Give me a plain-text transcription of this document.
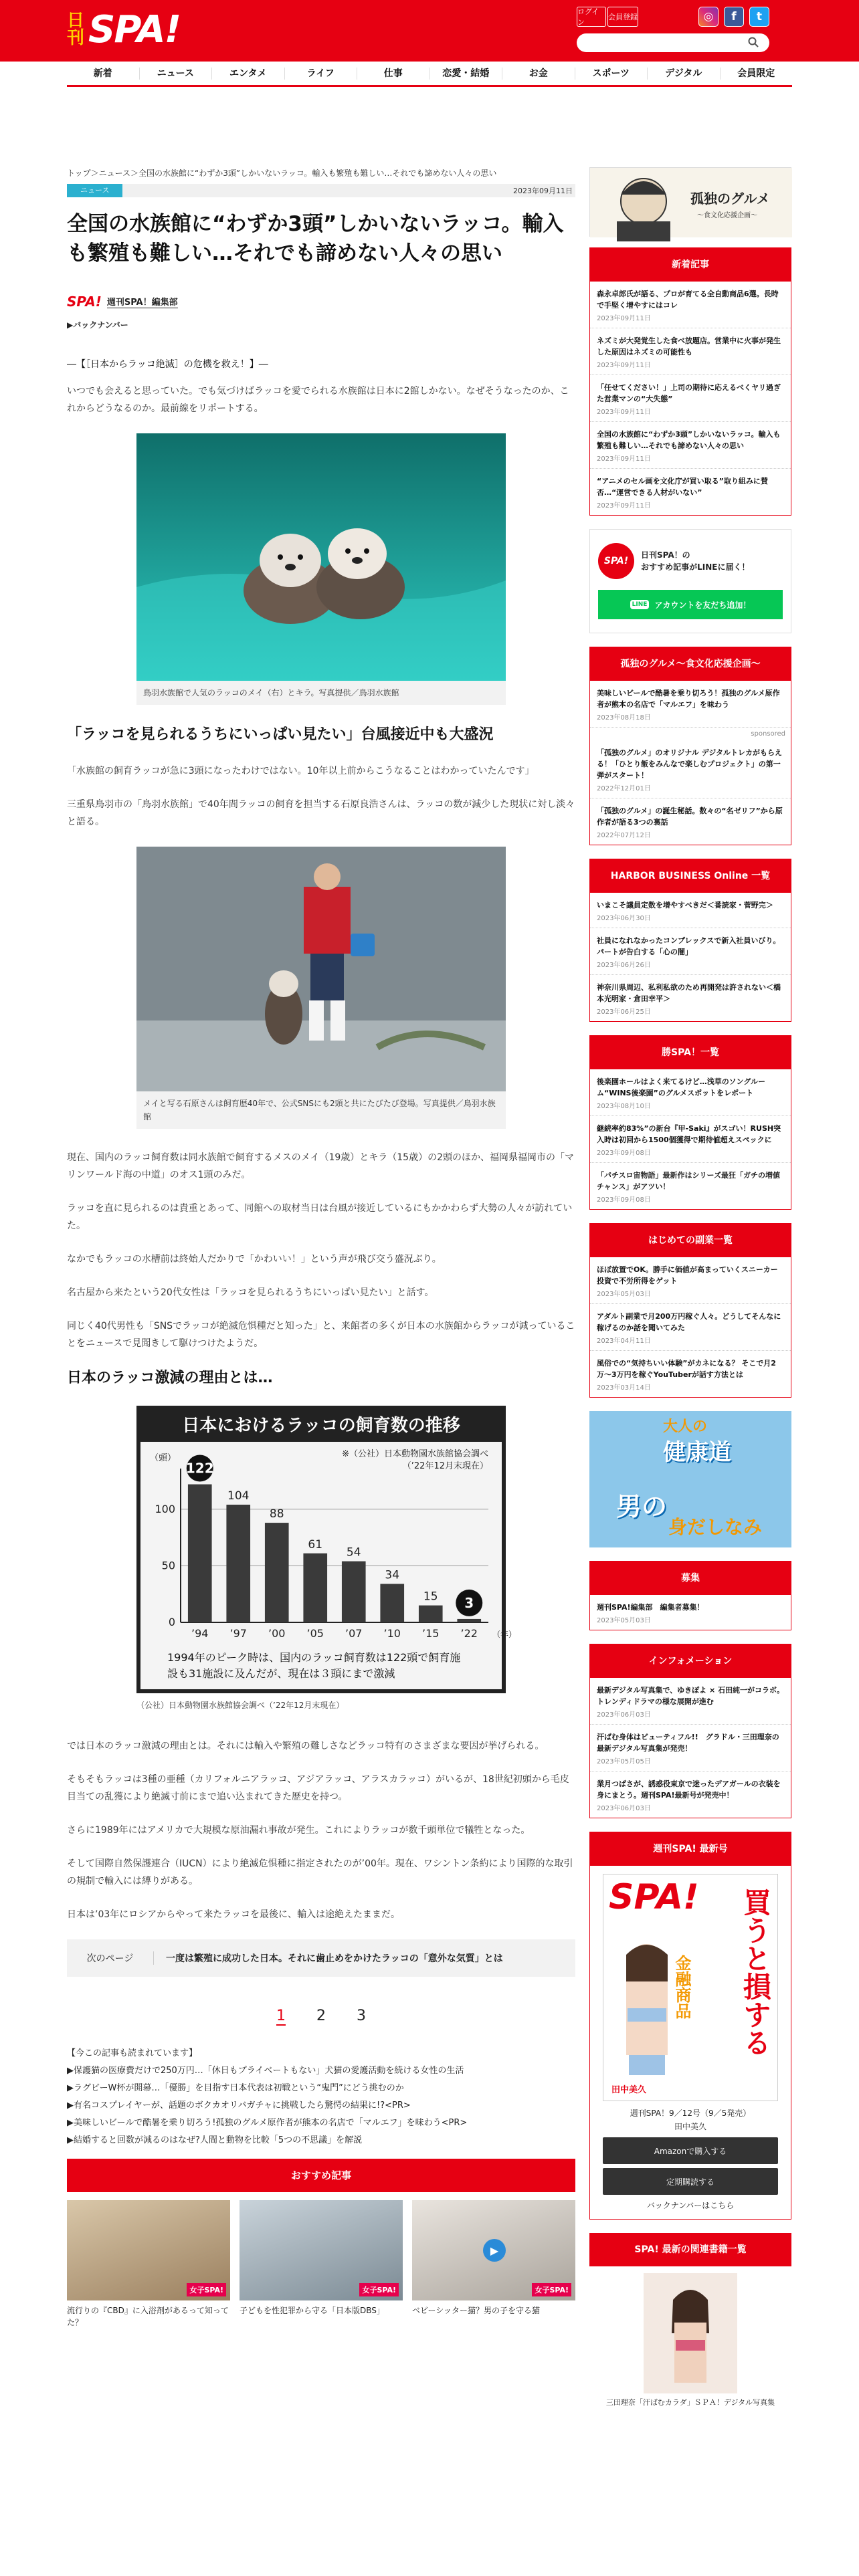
日刊 SPA!	ログイン
会員登録	◎	f	t
新着	ニュース	エンタメ	ライフ	仕事	恋愛・結婚	お金	スポーツ	デジタル	会員限定
トップ＞ニュース＞全国の水族館に“わずか3頭”しかいないラッコ。輸入も繁殖も難しい…それでも諦めない人々の思い
ニュース	2023年09月11日
全国の水族館に“わずか3頭”しかいないラッコ。輸入も繁殖も難しい…それでも諦めない人々の思い
SPA! 週刊SPA！編集部
▶バックナンバー
―【［日本からラッコ絶滅］の危機を救え！】―

いつでも会えると思っていた。でも気づけばラッコを愛でられる水族館は日本に2館しかない。なぜそうなったのか、これからどうなるのか。最前線をリポートする。

鳥羽水族館で人気のラッコのメイ（右）とキラ。写真提供／鳥羽水族館
「ラッコを見られるうちにいっぱい見たい」台風接近中も大盛況

「水族館の飼育ラッコが急に3頭になったわけではない。10年以上前からこうなることはわかっていたんです」

三重県鳥羽市の「鳥羽水族館」で40年間ラッコの飼育を担当する石原良浩さんは、ラッコの数が減少した現状に対し淡々と語る。

メイと写る石原さんは飼育歴40年で、公式SNSにも2頭と共にたびたび登場。写真提供／鳥羽水族館

現在、国内のラッコ飼育数は同水族館で飼育するメスのメイ（19歳）とキラ（15歳）の2頭のほか、福岡県福岡市の「マリンワールド海の中道」のオス1頭のみだ。

ラッコを直に見られるのは貴重とあって、同館への取材当日は台風が接近しているにもかかわらず大勢の人々が訪れていた。

なかでもラッコの水槽前は終始人だかりで「かわいい！」という声が飛び交う盛況ぶり。

名古屋から来たという20代女性は「ラッコを見られるうちにいっぱい見たい」と話す。

同じく40代男性も「SNSでラッコが絶滅危惧種だと知った」と、来館者の多くが日本の水族館からラッコが減っていることをニュースで見聞きして駆けつけたようだ。

日本のラッコ激減の理由とは…
日本におけるラッコの飼育数の推移
※（公社）日本動物園水族館協会調べ
（’22年12月末現在）
（頭）
0
50
100
122
’94
104
’97
88
’00
61
’05
54
’07
34
’10
15
’15
3
’22 （年）
1994年のピーク時は、国内のラッコ飼育数は122頭で飼育施
設も31施設に及んだが、現在は３頭にまで激減
（公社）日本動物園水族館協会調べ（’22年12月末現在）

では日本のラッコ激減の理由とは。それには輸入や繁殖の難しさなどラッコ特有のさまざまな要因が挙げられる。

そもそもラッコは3種の亜種（カリフォルニアラッコ、アジアラッコ、アラスカラッコ）がいるが、18世紀初頭から毛皮目当ての乱獲により絶滅寸前にまで追い込まれてきた歴史を持つ。

さらに1989年にはアメリカで大規模な原油漏れ事故が発生。これによりラッコが数千頭単位で犠牲となった。

そして国際自然保護連合（IUCN）により絶滅危惧種に指定されたのが’00年。現在、ワシントン条約により国際的な取引の規制で輸入には縛りがある。

日本は’03年にロシアからやって来たラッコを最後に、輸入は途絶えたままだ。

次のページ	一度は繁殖に成功した日本。それに歯止めをかけたラッコの「意外な気質」とは
1 2 3
【今この記事も読まれています】
▶保護猫の医療費だけで250万円…「休日もプライベートもない」犬猫の愛護活動を続ける女性の生活
▶ラグビーW杯が開幕…「優勝」を目指す日本代表は初戦という“鬼門”にどう挑むのか
▶有名コスプレイヤーが、話題のボクカオリバガチャに挑戦したら驚愕の結果に!?<PR>
▶美味しいビールで酷暑を乗り切ろう!孤独のグルメ原作者が熊本の名店で「マルエフ」を味わう<PR>
▶結婚すると回数が減るのはなぜ?人間と動物を比較「5つの不思議」を解説
おすすめ記事
女子SPA!
流行りの『CBD』に入浴剤があるって知ってた？
女子SPA!
子どもを性犯罪から守る「日本版DBS」
▶
女子SPA!
ベビーシッター猫？男の子を守る猫
孤独のグルメ
〜食文化応援企画〜
新着記事
森永卓郎氏が語る、プロが育てる全自動商品6選。長時で手堅く增やすにはコレ
2023年09月11日
ネズミが大発覚生した食べ放題店。営業中に火事が発生した原因はネズミの可能性も
2023年09月11日
「任せてください！」上司の期待に応えるべくヤリ過ぎた営業マンの“大失態”
2023年09月11日
全国の水族館に“わずか3頭”しかいないラッコ。輸入も繁殖も難しい…それでも諦めない人々の思い
2023年09月11日
“アニメのセル画を文化庁が買い取る”取り組みに賛否…“運営できる人材がいない”
2023年09月11日
SPA!
日刊SPA！の
おすすめ記事がLINEに届く！
LINE アカウントを友だち追加！
孤独のグルメ〜食文化応援企画〜
美味しいビールで酷暑を乗り切ろう！孤独のグルメ原作者が熊本の名店で「マルエフ」を味わう
2023年08月18日
sponsored
「孤独のグルメ」のオリジナル デジタルトレカがもらえる！「ひとり飯をみんなで楽しむプロジェクト」の第一弾がスタート！
2022年12月01日
「孤独のグルメ」の誕生秘話。数々の“名ゼリフ”から原作者が語る3つの裏話
2022年07月12日
HARBOR BUSINESS Online 一覧
いまこそ議員定数を增やすべきだ＜番読家・菅野完＞
2023年06月30日
社員になれなかったコンプレックスで新入社員いびり。パートが告白する「心の闇」
2023年06月26日
神奈川県周辺、私利私欲のため再開発は許されない＜橋本光明家・倉田幸平＞
2023年06月25日
勝SPA！一覧
後楽園ホールはよく来てるけど…浅草のソングルーム“WINS後楽園”のグルメスポットをレポート
2023年08月10日
継続率約83%”の新台『甲-Saki』がスゴい！RUSH突入時は初回から1500個獲得で期待値超えスペックに
2023年09月08日
「パチスロ宙物語」最新作はシリーズ最狂「ガチの増値チャンス」がアツい！
2023年09月08日
はじめての副業一覧
ほぼ放置でOK。勝手に価値が高まっていくスニーカー投資で不労所得をゲット
2023年05月03日
アダルト副業で月200万円稼ぐ人々。どうしてそんなに稼げるのか話を聞いてみた
2023年04月11日
風俗での“気持ちいい体験”がカネになる？ そこで月2万〜3万円を稼ぐYouTuberが話す方法とは
2023年03月14日
大人の
健康道
男の
身だしなみ
募集
週刊SPA!編集部　編集者募集！
2023年05月03日
インフォメーション
最新デジタル写真集で、ゆきぽよ × 石田純一がコラボ。トレンディドラマの様な展開が進む
2023年06月03日
汗ばむ身体はビューティフル!!　グラドル・三田理奈の最新デジタル写真集が発売！
2023年05月05日
業月つばさが、誘惑役東京で迷ったデアガールの衣装を身にまとう。週刊SPA!最新号が発売中！
2023年06月03日
週刊SPA! 最新号
SPA!	買うと損する
金融商品
田中美久
週刊SPA！9／12号（9／5発売）
田中美久
Amazonで購入する
定期購読する
バックナンバーはこちら
SPA! 最新の関連書籍一覧
三田理奈「汗ばむカラダ」ＳＰＡ！デジタル写真集
